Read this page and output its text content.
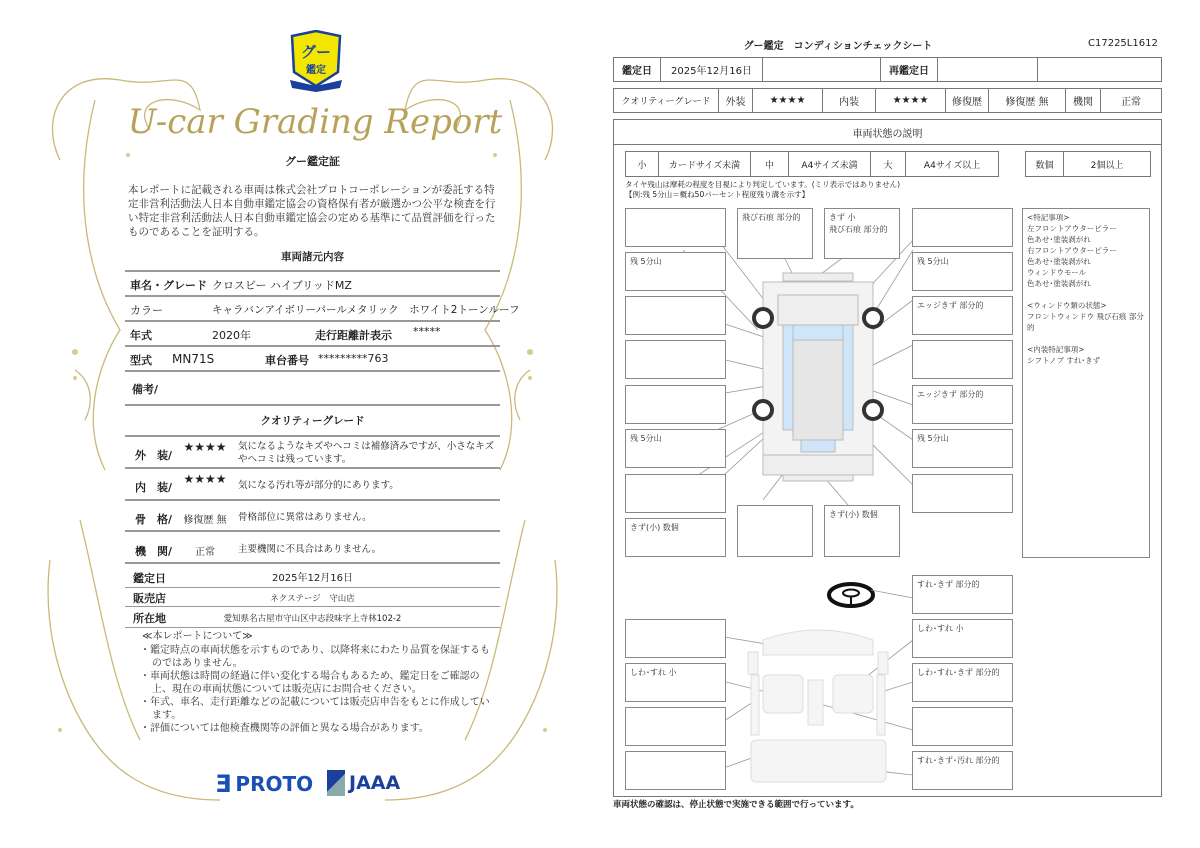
グー
鑑定
U-car Grading Report
グー鑑定証
本レポートに記載される車両は株式会社プロトコーポレーションが委託する特定非営利活動法人日本自動車鑑定協会の資格保有者が厳選かつ公平な検査を行い特定非営利活動法人日本自動車鑑定協会の定める基準にて品質評価を行ったものであることを証明する。
車両諸元内容
車名・グレード クロスビー ハイブリッドMZ
カラー	キャラバンアイボリーパールメタリック　ホワイト2トーンルーフ
年式	2020年	走行距離計表示 *****
型式 MN71S	車台番号 *********763
備考/
クオリティーグレード
外　装/
★★★★	気になるようなキズやヘコミは補修済みですが、小さなキズやヘコミは残っています。
内　装/
★★★★	気になる汚れ等が部分的にあります。
骨　格/	修復歴 無	骨格部位に異常はありません。
機　関/	正常	主要機関に不具合はありません。
鑑定日	2025年12月16日
販売店	ネクステージ　守山店
所在地	愛知県名古屋市守山区中志段味字上寺林102-2
≪本レポートについて≫
・鑑定時点の車両状態を示すものであり、以降将来にわたり品質を保証するものではありません。
・車両状態は時間の経過に伴い変化する場合もあるため、鑑定日をご確認の上、現在の車両状態については販売店にお問合せください。
・年式、車名、走行距離などの記載については販売店申告をもとに作成しています。
・評価については他検査機関等の評価と異なる場合があります。
Ǝ PROTO JAAA
グー鑑定　コンディションチェックシート	C17225L1612
鑑定日	2025年12月16日	再鑑定日
クオリティーグレード	外装	★★★★	内装	★★★★	修復歴	修復歴 無	機関	正常
車両状態の説明
小	カードサイズ未満	中	A4サイズ未満	大	A4サイズ以上	数個	2個以上
タイヤ残山は摩耗の程度を目視により判定しています。(ミリ表示ではありません)
【例:残 5分山＝概ね50パーセント程度残り溝を示す】
残 5分山
残 5分山
きず(小) 数個
残 5分山
エッジきず 部分的
エッジきず 部分的
残 5分山
飛び石痕 部分的	きず 小
飛び石痕 部分的
きず(小) 数個
すれ･きず 部分的
しわ･すれ 小
しわ･すれ･きず 部分的
すれ･きず･汚れ 部分的
しわ･すれ 小
<特記事項>
左フロントアウターピラー
色あせ･塗装剥がれ
右フロントアウターピラー
色あせ･塗装剥がれ
ウィンドウモール
色あせ･塗装剥がれ

<ウィンドウ類の状態>
フロントウィンドウ 飛び石痕 部分的

<内装特記事項>
シフトノブ すれ･きず
車両状態の確認は、停止状態で実施できる範囲で行っています。
